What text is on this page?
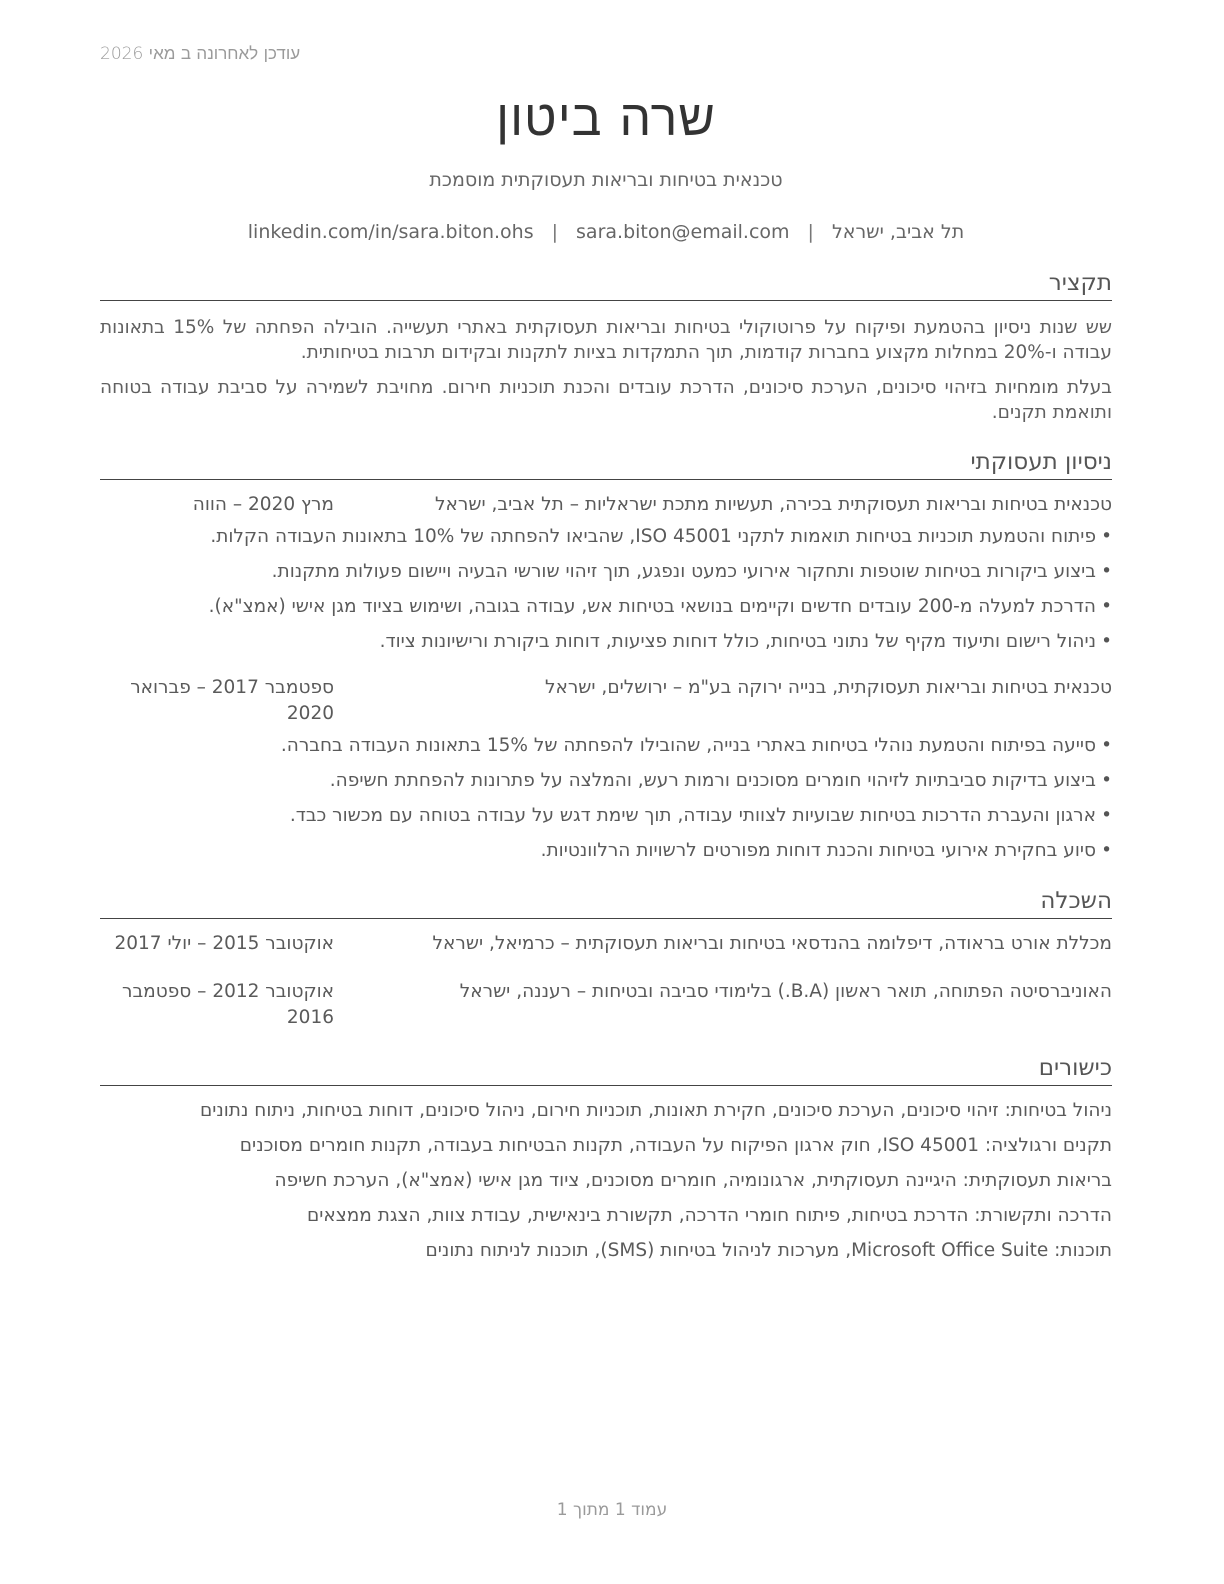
עודכן לאחרונה ב מאי 2026
שרה ביטון
טכנאית בטיחות ובריאות תעסוקתית מוסמכת
תל אביב, ישראל|sara.biton@email.com|linkedin.com/in/sara.biton.ohs
תקציר

שש שנות ניסיון בהטמעת ופיקוח על פרוטוקולי בטיחות ובריאות תעסוקתית באתרי תעשייה. הובילה הפחתה של 15% בתאונות עבודה ו-20% במחלות מקצוע בחברות קודמות, תוך התמקדות בציות לתקנות ובקידום תרבות בטיחותית.

בעלת מומחיות בזיהוי סיכונים, הערכת סיכונים, הדרכת עובדים והכנת תוכניות חירום. מחויבת לשמירה על סביבת עבודה בטוחה ותואמת תקנים.

ניסיון תעסוקתי
טכנאית בטיחות ובריאות תעסוקתית בכירה, תעשיות מתכת ישראליות – תל אביב, ישראל
מרץ 2020 – הווה
• פיתוח והטמעת תוכניות בטיחות תואמות לתקני ISO 45001, שהביאו להפחתה של 10% בתאונות העבודה הקלות.
• ביצוע ביקורות בטיחות שוטפות ותחקור אירועי כמעט ונפגע, תוך זיהוי שורשי הבעיה ויישום פעולות מתקנות.
• הדרכת למעלה מ-200 עובדים חדשים וקיימים בנושאי בטיחות אש, עבודה בגובה, ושימוש בציוד מגן אישי (אמצ"א).
• ניהול רישום ותיעוד מקיף של נתוני בטיחות, כולל דוחות פציעות, דוחות ביקורת ורישיונות ציוד.
טכנאית בטיחות ובריאות תעסוקתית, בנייה ירוקה בע"מ – ירושלים, ישראל
ספטמבר 2017 – פברואר 2020
• סייעה בפיתוח והטמעת נוהלי בטיחות באתרי בנייה, שהובילו להפחתה של 15% בתאונות העבודה בחברה.
• ביצוע בדיקות סביבתיות לזיהוי חומרים מסוכנים ורמות רעש, והמלצה על פתרונות להפחתת חשיפה.
• ארגון והעברת הדרכות בטיחות שבועיות לצוותי עבודה, תוך שימת דגש על עבודה בטוחה עם מכשור כבד.
• סיוע בחקירת אירועי בטיחות והכנת דוחות מפורטים לרשויות הרלוונטיות.
השכלה
מכללת אורט בראודה, דיפלומה בהנדסאי בטיחות ובריאות תעסוקתית – כרמיאל, ישראל
אוקטובר 2015 – יולי 2017
האוניברסיטה הפתוחה, תואר ראשון (B.A.) בלימודי סביבה ובטיחות – רעננה, ישראל
אוקטובר 2012 – ספטמבר 2016
כישורים
ניהול בטיחות: זיהוי סיכונים, הערכת סיכונים, חקירת תאונות, תוכניות חירום, ניהול סיכונים, דוחות בטיחות, ניתוח נתונים
תקנים ורגולציה: ISO 45001, חוק ארגון הפיקוח על העבודה, תקנות הבטיחות בעבודה, תקנות חומרים מסוכנים
בריאות תעסוקתית: היגיינה תעסוקתית, ארגונומיה, חומרים מסוכנים, ציוד מגן אישי (אמצ"א), הערכת חשיפה
הדרכה ותקשורת: הדרכת בטיחות, פיתוח חומרי הדרכה, תקשורת בינאישית, עבודת צוות, הצגת ממצאים
תוכנות: Microsoft Office Suite, מערכות לניהול בטיחות (SMS), תוכנות לניתוח נתונים
עמוד 1 מתוך 1
